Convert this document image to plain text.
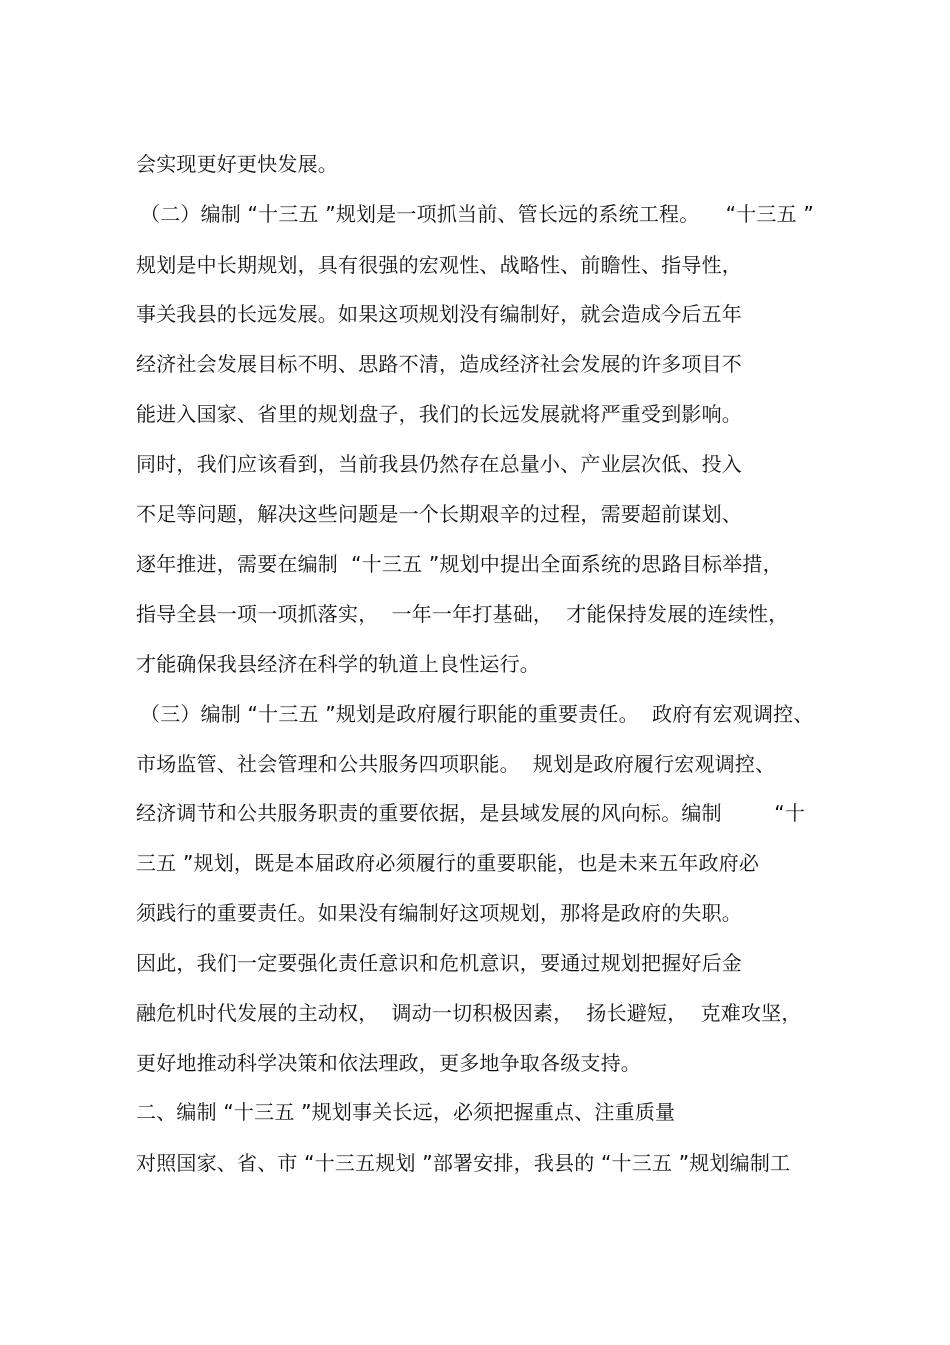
会实现更好更快发展。
（二）编制 “十三五 ”规划是一项抓当前、管长远的系统工程。    “十三五 ”
规划是中长期规划，具有很强的宏观性、战略性、前瞻性、指导性，
事关我县的长远发展。如果这项规划没有编制好，就会造成今后五年
经济社会发展目标不明、思路不清，造成经济社会发展的许多项目不
能进入国家、省里的规划盘子，我们的长远发展就将严重受到影响。
同时，我们应该看到，当前我县仍然存在总量小、产业层次低、投入
不足等问题，解决这些问题是一个长期艰辛的过程，需要超前谋划、
逐年推进，需要在编制  “十三五 ”规划中提出全面系统的思路目标举措，
指导全县一项一项抓落实，  一年一年打基础，  才能保持发展的连续性，
才能确保我县经济在科学的轨道上良性运行。
（三）编制 “十三五 ”规划是政府履行职能的重要责任。  政府有宏观调控、
市场监管、社会管理和公共服务四项职能。  规划是政府履行宏观调控、
经济调节和公共服务职责的重要依据，是县域发展的风向标。编制        “十
三五 ”规划，既是本届政府必须履行的重要职能，也是未来五年政府必
须践行的重要责任。如果没有编制好这项规划，那将是政府的失职。
因此，我们一定要强化责任意识和危机意识，要通过规划把握好后金
融危机时代发展的主动权，  调动一切积极因素，  扬长避短，  克难攻坚，
更好地推动科学决策和依法理政，更多地争取各级支持。
二、编制 “十三五 ”规划事关长远，必须把握重点、注重质量
对照国家、省、市 “十三五规划 ”部署安排，我县的 “十三五 ”规划编制工
